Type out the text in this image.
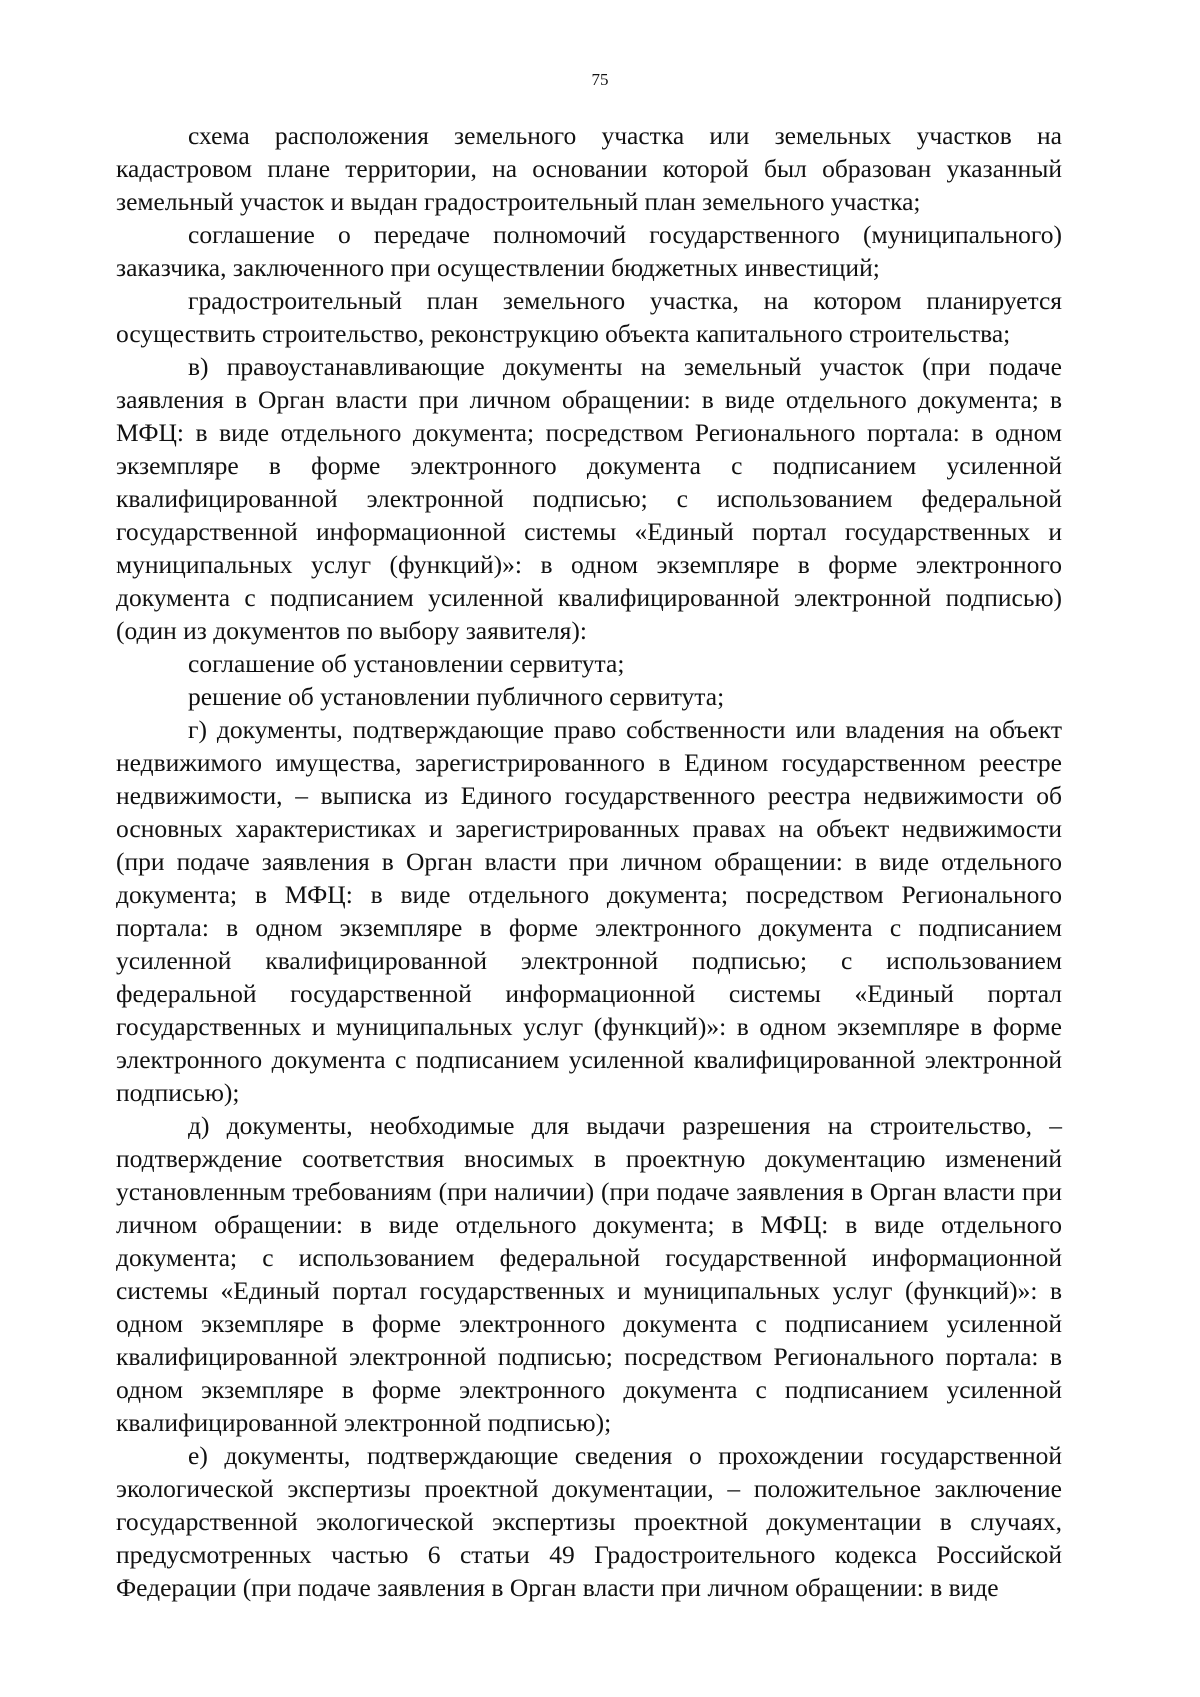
75

схема расположения земельного участка или земельных участков на кадастровом плане территории, на основании которой был образован указанный земельный участок и выдан градостроительный план земельного участка;

соглашение о передаче полномочий государственного (муниципального) заказчика, заключенного при осуществлении бюджетных инвестиций;

градостроительный план земельного участка, на котором планируется осуществить строительство, реконструкцию объекта капитального строительства;

в) правоустанавливающие документы на земельный участок (при подаче заявления в Орган власти при личном обращении: в виде отдельного документа; в МФЦ: в виде отдельного документа; посредством Регионального портала: в одном экземпляре в форме электронного документа с подписанием усиленной квалифицированной электронной подписью; с использованием федеральной государственной информационной системы «Единый портал государственных и муниципальных услуг (функций)»: в одном экземпляре в форме электронного документа с подписанием усиленной квалифицированной электронной подписью) (один из документов по выбору заявителя):

соглашение об установлении сервитута;

решение об установлении публичного сервитута;

г) документы, подтверждающие право собственности или владения на объект недвижимого имущества, зарегистрированного в Едином государственном реестре недвижимости, – выписка из Единого государственного реестра недвижимости об основных характеристиках и зарегистрированных правах на объект недвижимости (при подаче заявления в Орган власти при личном обращении: в виде отдельного документа; в МФЦ: в виде отдельного документа; посредством Регионального портала: в одном экземпляре в форме электронного документа с подписанием усиленной квалифицированной электронной подписью; с использованием федеральной государственной информационной системы «Единый портал государственных и муниципальных услуг (функций)»: в одном экземпляре в форме электронного документа с подписанием усиленной квалифицированной электронной подписью);

д) документы, необходимые для выдачи разрешения на строительство, – подтверждение соответствия вносимых в проектную документацию изменений установленным требованиям (при наличии) (при подаче заявления в Орган власти при личном обращении: в виде отдельного документа; в МФЦ: в виде отдельного документа; с использованием федеральной государственной информационной системы «Единый портал государственных и муниципальных услуг (функций)»: в одном экземпляре в форме электронного документа с подписанием усиленной квалифицированной электронной подписью; посредством Регионального портала: в одном экземпляре в форме электронного документа с подписанием усиленной квалифицированной электронной подписью);

е) документы, подтверждающие сведения о прохождении государственной экологической экспертизы проектной документации, – положительное заключение государственной экологической экспертизы проектной документации в случаях, предусмотренных частью 6 статьи 49 Градостроительного кодекса Российской Федерации (при подаче заявления в Орган власти при личном обращении: в виде
